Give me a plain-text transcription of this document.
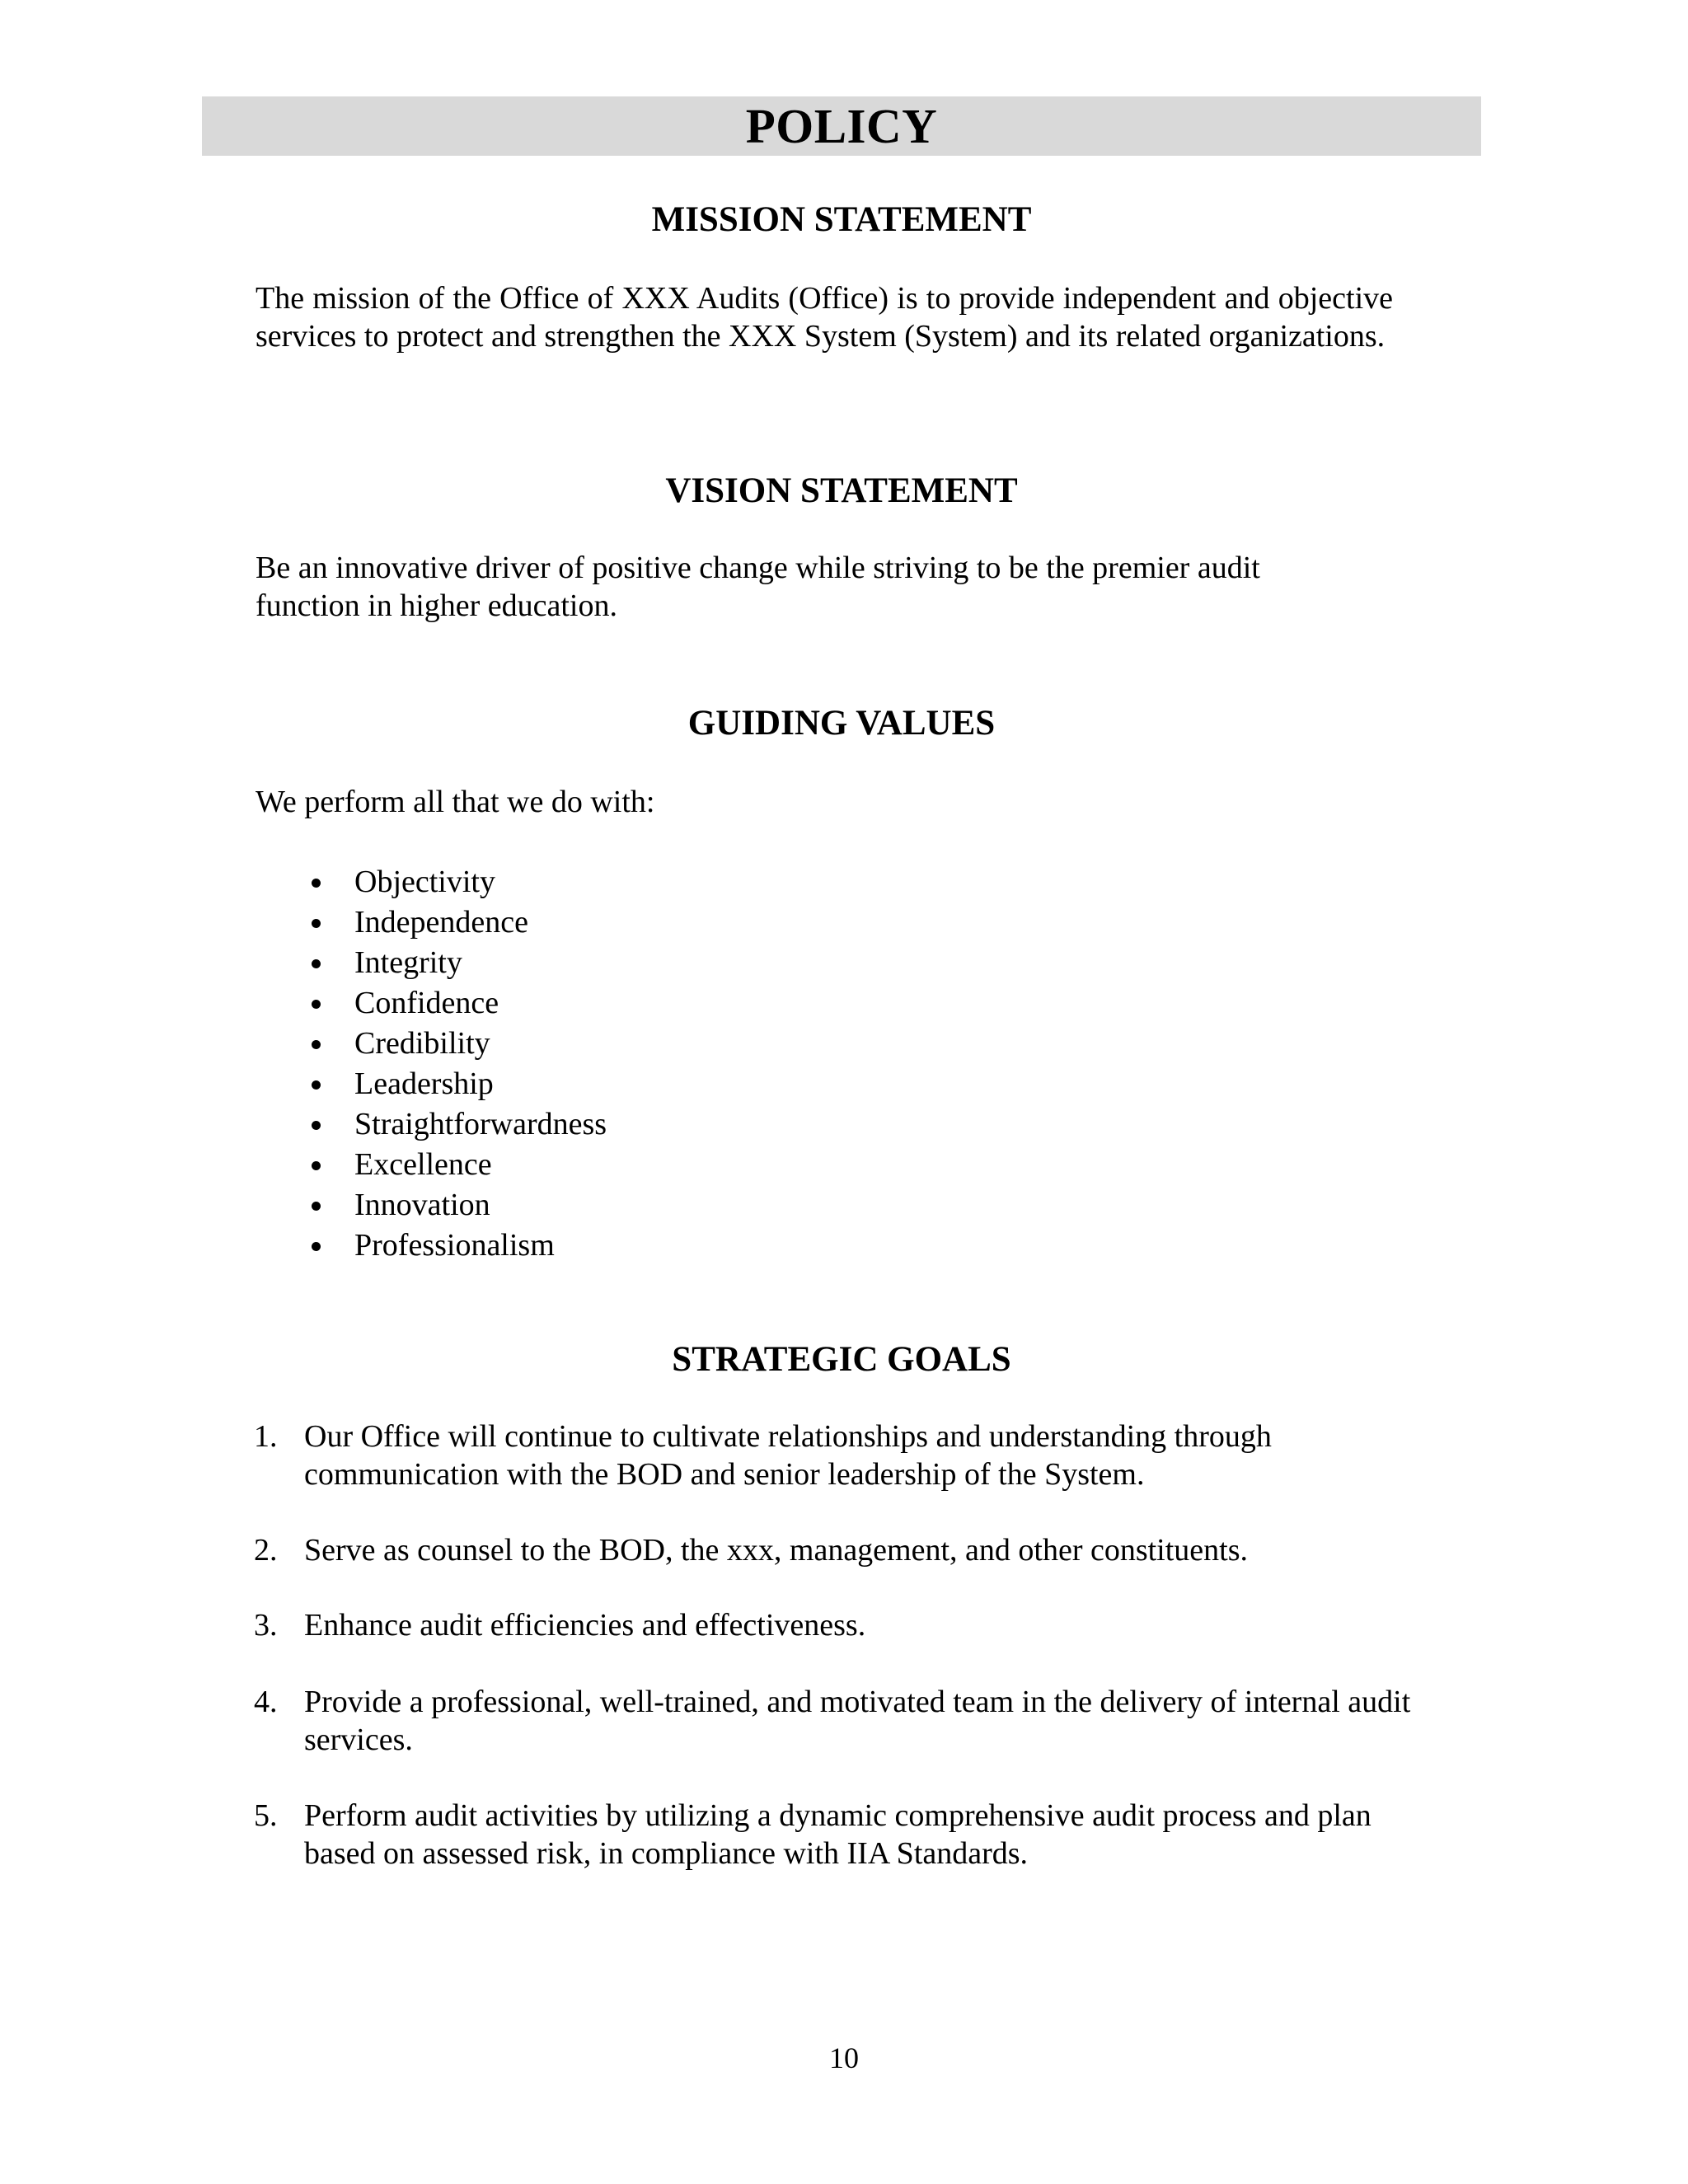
POLICY
MISSION STATEMENT

The mission of the Office of XXX Audits (Office) is to provide independent and objective services to protect and strengthen the XXX System (System) and its related organizations.

VISION STATEMENT

Be an innovative driver of positive change while striving to be the premier audit function in higher education.

GUIDING VALUES

We perform all that we do with:

Objectivity
Independence
Integrity
Confidence
Credibility
Leadership
Straightforwardness
Excellence
Innovation
Professionalism
STRATEGIC GOALS
1. Our Office will continue to cultivate relationships and understanding through communication with the BOD and senior leadership of the System.
2. Serve as counsel to the BOD, the xxx, management, and other constituents.
3. Enhance audit efficiencies and effectiveness.
4. Provide a professional, well-trained, and motivated team in the delivery of internal audit services.
5. Perform audit activities by utilizing a dynamic comprehensive audit process and plan based on assessed risk, in compliance with IIA Standards.
10
